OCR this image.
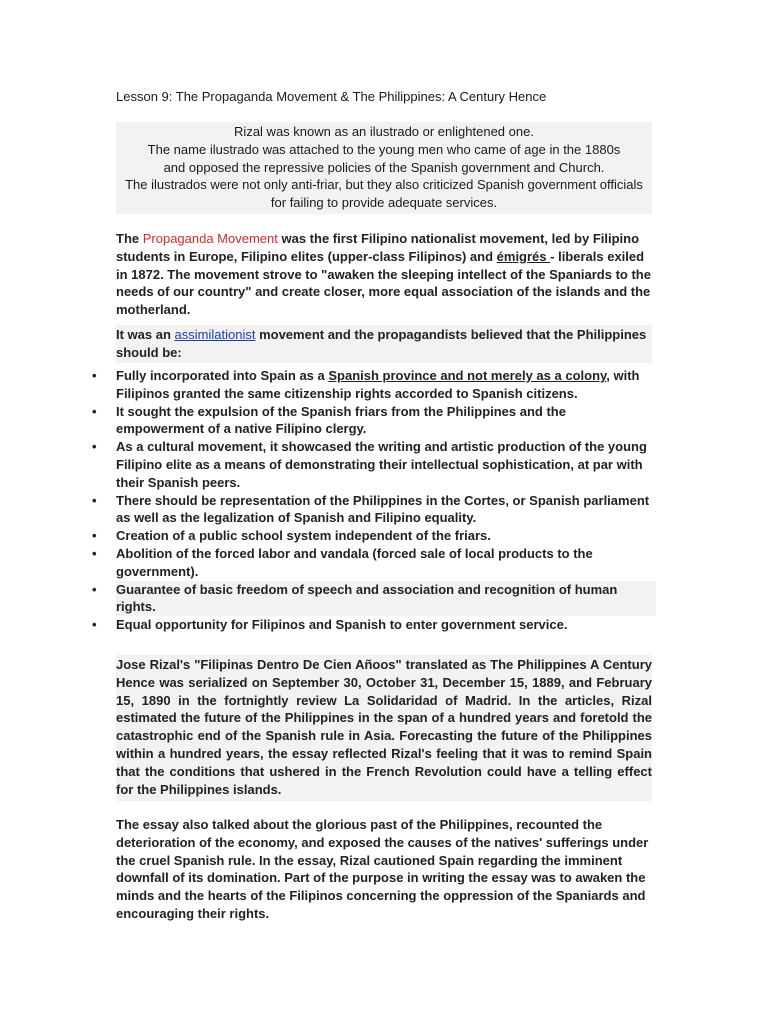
Lesson 9: The Propaganda Movement & The Philippines: A Century Hence
Rizal was known as an ilustrado or enlightened one.
The name ilustrado was attached to the young men who came of age in the 1880s
and opposed the repressive policies of the Spanish government and Church.
The ilustrados were not only anti-friar, but they also criticized Spanish government officials
for failing to provide adequate services.
The Propaganda Movement was the first Filipino nationalist movement, led by Filipino students in Europe, Filipino elites (upper-class Filipinos) and émigrés - liberals exiled in 1872. The movement strove to "awaken the sleeping intellect of the Spaniards to the needs of our country" and create closer, more equal association of the islands and the motherland.
It was an assimilationist movement and the propagandists believed that the Philippines should be:
• Fully incorporated into Spain as a Spanish province and not merely as a colony, with Filipinos granted the same citizenship rights accorded to Spanish citizens.
• It sought the expulsion of the Spanish friars from the Philippines and the empowerment of a native Filipino clergy.
• As a cultural movement, it showcased the writing and artistic production of the young Filipino elite as a means of demonstrating their intellectual sophistication, at par with their Spanish peers.
• There should be representation of the Philippines in the Cortes, or Spanish parliament as well as the legalization of Spanish and Filipino equality.
• Creation of a public school system independent of the friars.
• Abolition of the forced labor and vandala (forced sale of local products to the government).
• Guarantee of basic freedom of speech and association and recognition of human rights.
• Equal opportunity for Filipinos and Spanish to enter government service.
Jose Rizal's "Filipinas Dentro De Cien Añoos" translated as The Philippines A Century Hence was serialized on September 30, October 31, December 15, 1889, and February 15, 1890 in the fortnightly review La Solidaridad of Madrid. In the articles, Rizal estimated the future of the Philippines in the span of a hundred years and foretold the catastrophic end of the Spanish rule in Asia. Forecasting the future of the Philippines within a hundred years, the essay reflected Rizal's feeling that it was to remind Spain that the conditions that ushered in the French Revolution could have a telling effect for the Philippines islands.
The essay also talked about the glorious past of the Philippines, recounted the deterioration of the economy, and exposed the causes of the natives' sufferings under the cruel Spanish rule. In the essay, Rizal cautioned Spain regarding the imminent downfall of its domination. Part of the purpose in writing the essay was to awaken the minds and the hearts of the Filipinos concerning the oppression of the Spaniards and encouraging their rights.
